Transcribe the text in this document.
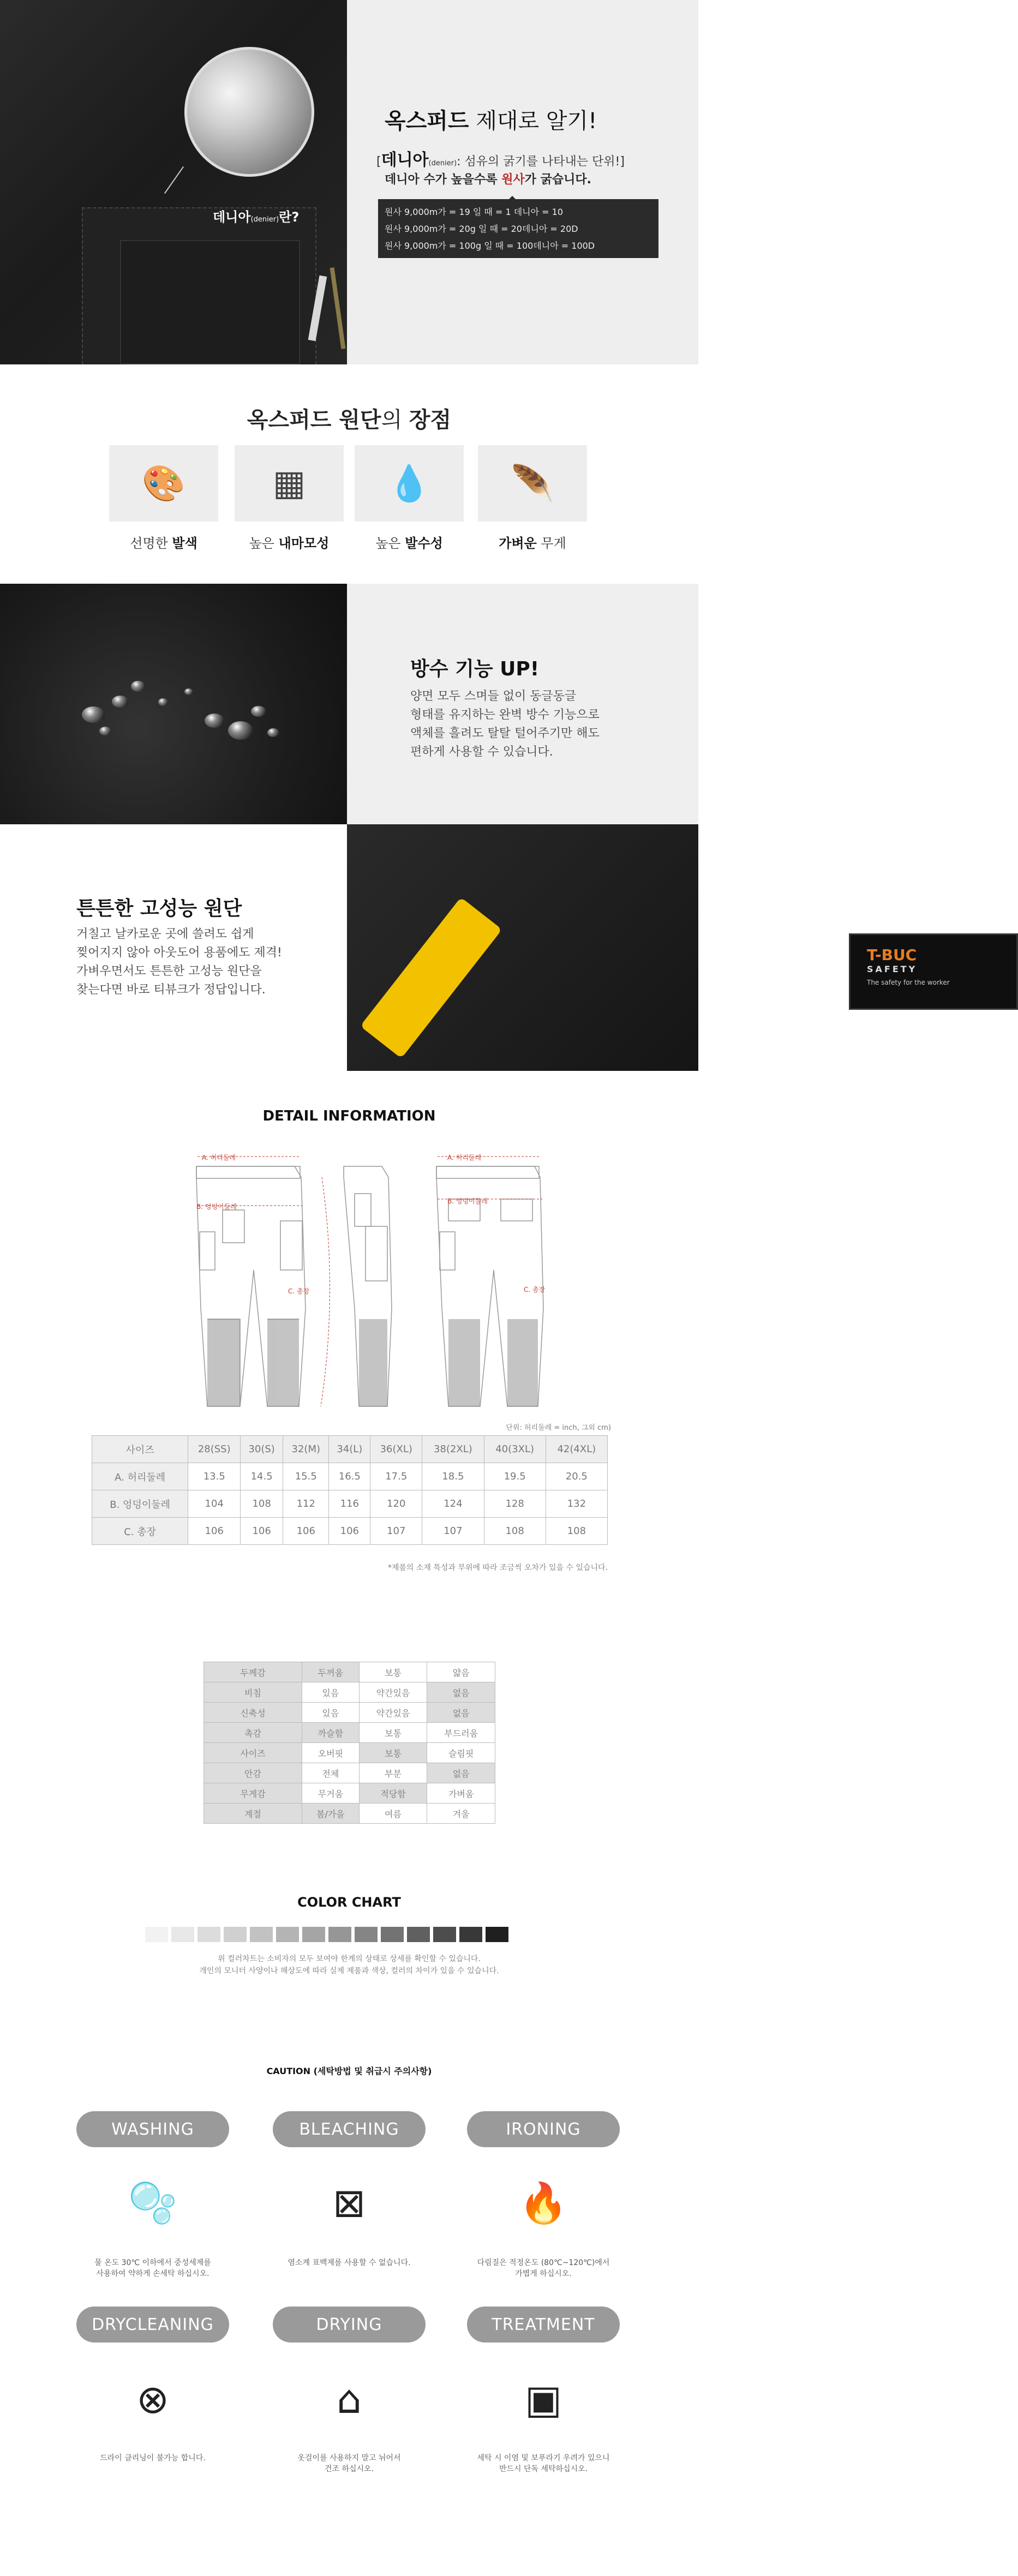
데니아(denier)란?
옥스퍼드 제대로 알기!
[데니아(denier): 섬유의 굵기를 나타내는 단위!]
데니아 수가 높을수록 원사가 굵습니다.
원사 9,000m가 = 19 일 때 = 1 데니아 = 10
원사 9,000m가 = 20g 일 때 = 20데니아 = 20D
원사 9,000m가 = 100g 일 때 = 100데니아 = 100D
옥스퍼드 원단의 장점
🎨
선명한 발색
▦
높은 내마모성
💧
높은 발수성
🪶
가벼운 무게
방수 기능 UP!
양면 모두 스며들 없이 동글동글
형태를 유지하는 완벽 방수 기능으로
액체를 흘려도 탈탈 털어주기만 해도
편하게 사용할 수 있습니다.
튼튼한 고성능 원단
거칠고 날카로운 곳에 쓸려도 쉽게
찢어지지 않아 아웃도어 용품에도 제격!
가벼우면서도 튼튼한 고성능 원단을
찾는다면 바로 티뷰크가 정답입니다.
T-BUC
SAFETY
The safety for the worker
DETAIL INFORMATION
A. 허리둘레
B. 엉덩이둘레
C. 총장
A. 허리둘레
B. 엉덩이둘레
C. 총장
단위: 허리둘레 = inch, 그외 cm)
사이즈	28(SS)	30(S)	32(M)	34(L)	36(XL)	38(2XL)	40(3XL)	42(4XL)
A. 허리둘레	13.5	14.5	15.5	16.5	17.5	18.5	19.5	20.5
B. 엉덩이둘레	104	108	112	116	120	124	128	132
C. 총장	106	106	106	106	107	107	108	108
*제품의 소재 특성과 부위에 따라 조금씩 오차가 있을 수 있습니다.
두께감	두꺼움	보통	얇음
비침	있음	약간있음	없음
신축성	있음	약간있음	없음
촉감	까슬함	보통	부드러움
사이즈	오버핏	보통	슬림핏
안감	전체	부분	없음
무게감	무거움	적당함	가벼움
계절	봄/가을	여름	겨울
COLOR CHART
위 컬러차트는 소비자의 모두 보여야 한계의 상태로 상세를 확인할 수 있습니다.
개인의 모니터 사양이나 해상도에 따라 실제 제품과 색상, 컬러의 차이가 있을 수 있습니다.
CAUTION (세탁방법 및 취급시 주의사항)
WASHING
🫧
물 온도 30℃ 이하에서 중성세제를
사용하여 약하게 손세탁 하십시오.
BLEACHING
⊠
염소계 표백제를 사용할 수 없습니다.
IRONING
🔥
다림질은 적정온도 (80℃~120℃)에서
가볍게 하십시오.
DRYCLEANING
⊗
드라이 클리닝이 불가능 합니다.
DRYING
⌂
옷걸이를 사용하지 말고 뉘어서
건조 하십시오.
TREATMENT
▣
세탁 시 이염 및 보푸라기 우려가 있으니
반드시 단독 세탁하십시오.
